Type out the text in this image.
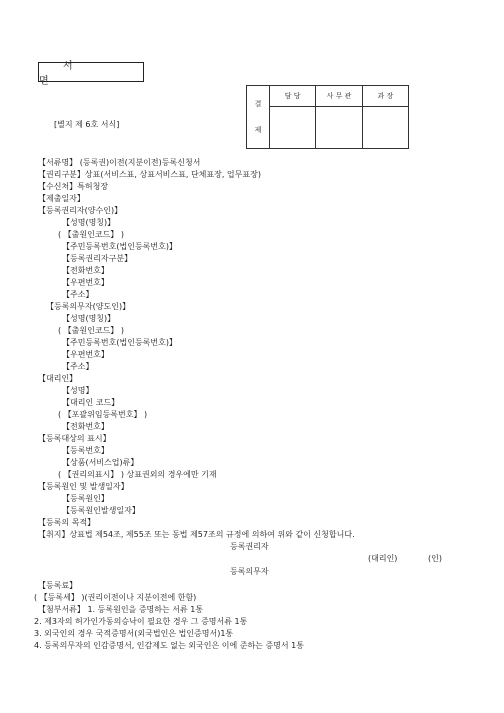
서 면
[별지 제 6호 서식]
결
제	담 당	사 무 관	과 장

【서류명】 (등록권)이전(지분이전)등록신청서
【권리구분】상표(서비스표, 상표서비스표, 단체표장, 업무표장)
【수신처】특허청장
【제출일자】
【등록권리자(양수인)】
【성명(명칭)】
( 【출원인코드】 )
【주민등록번호(법인등록번호)】
【등록권리자구분】
【전화번호】
【우편번호】
【주소】
【등록의무자(양도인)】
【성명(명칭)】
( 【출원인코드】 )
【주민등록번호(법인등록번호)】
【우편번호】
【주소】
【대리인】
【성명】
【대리인 코드】
( 【포괄위임등록번호】 )
【전화번호】
【등록대상의 표시】
【등록번호】
【상품(서비스업)류】
( 【권리의표시】 ) 상표권외의 경우에만 기재
【등록원인 및 발생일자】
【등록원인】
【등록원인발생일자】
【등록의 목적】
【취지】상표법 제54조, 제55조 또는 동법 제57조의 규정에 의하여 위와 같이 신청합니다.
등록권리자
(대리인)	(인)
등록의무자
【등록료】
( 【등록세】 )(권리이전이나 지분이전에 한함)
【첨부서류】 1. 등록원인을 증명하는 서류 1통
2. 제3자의 허가인가동의승낙이 필요한 경우 그 증명서류 1통
3. 외국인의 경우 국적증명서(외국법인은 법인증명서)1통
4. 등록의무자의 인감증명서, 인감제도 없는 외국인은 이에 준하는 증명서 1통
